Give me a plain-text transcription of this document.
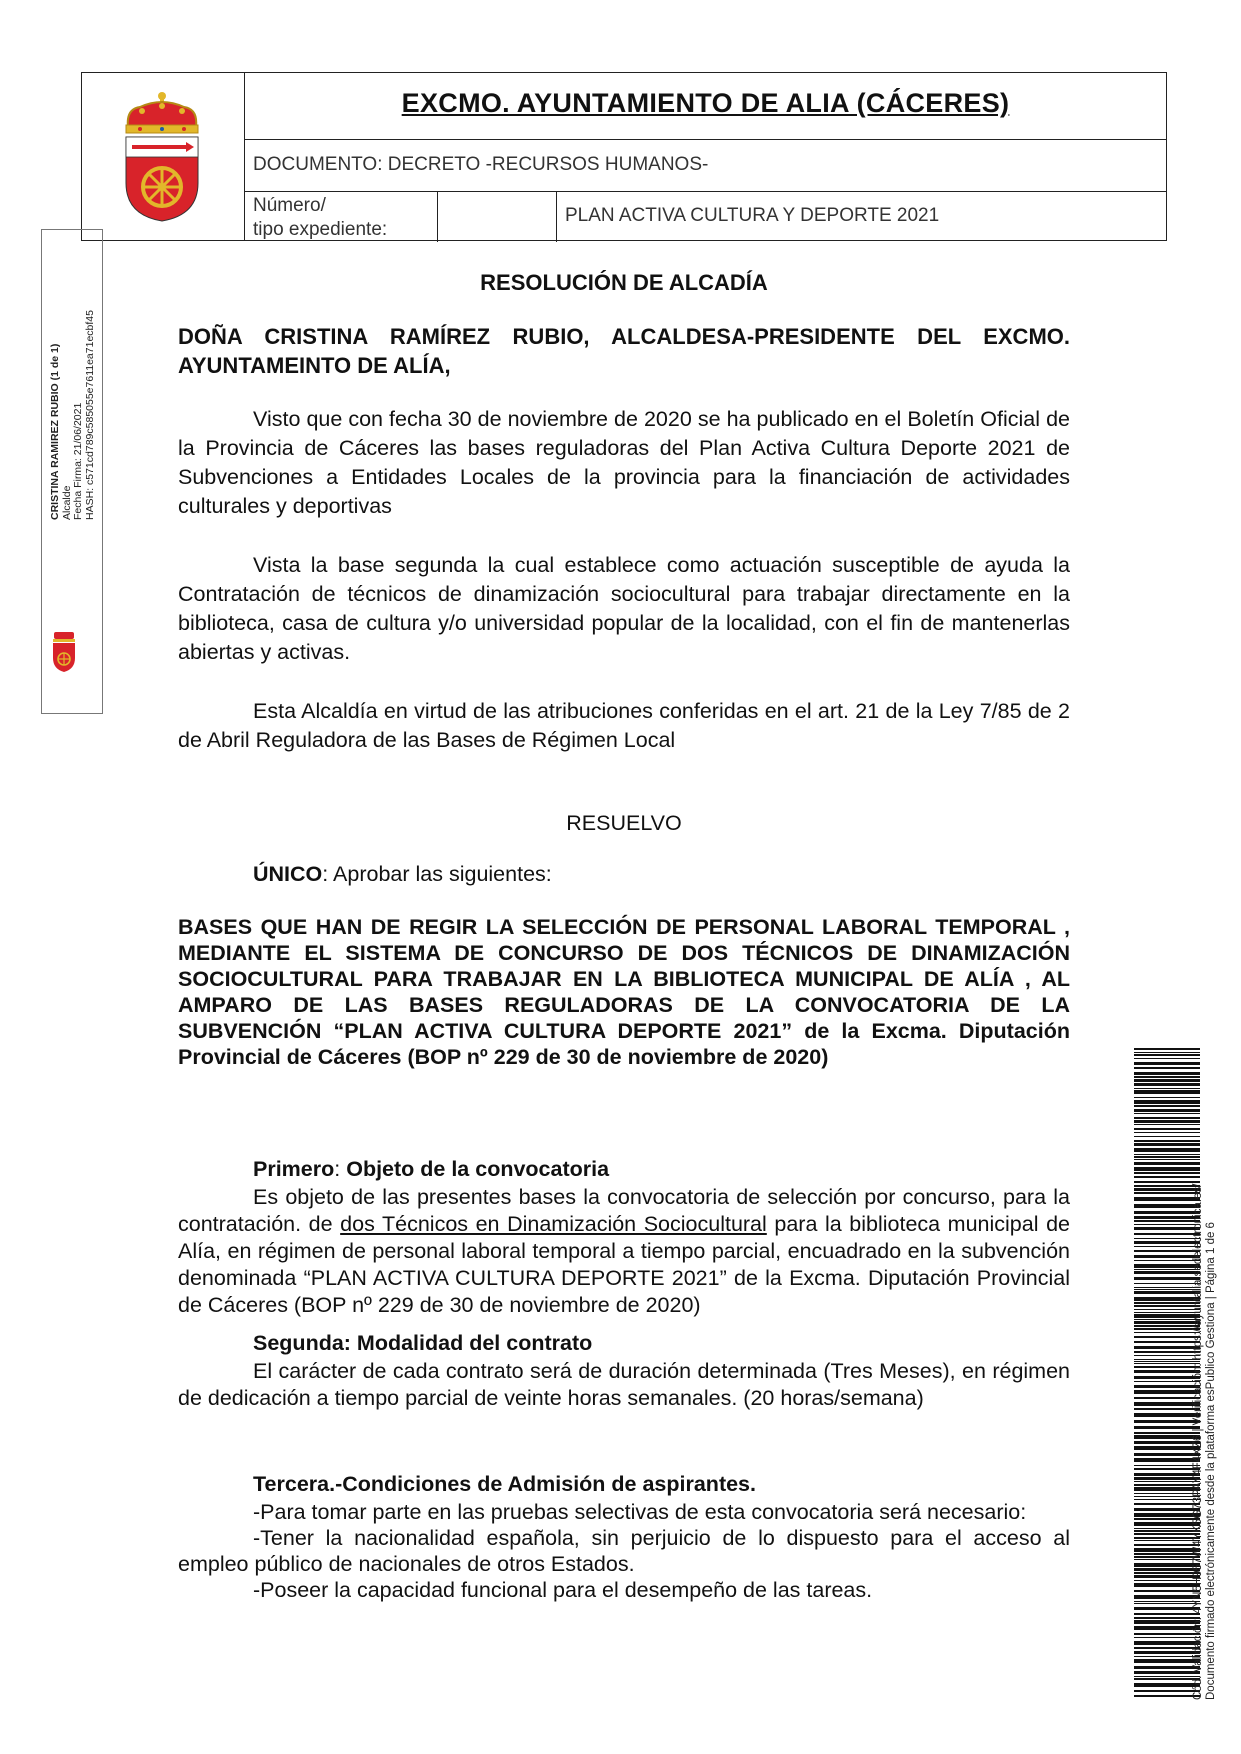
EXCMO. AYUNTAMIENTO DE ALIA (CÁCERES)
DOCUMENTO: DECRETO -RECURSOS HUMANOS-
Número/
tipo expediente:
PLAN ACTIVA CULTURA Y DEPORTE 2021
CRISTINA RAMIREZ RUBIO (1 de 1) Alcalde Fecha Firma: 21/06/2021 HASH: c571cd789c585055e7611ea71ecbf45
Cód. Validación: 4YN5H957W4YK5G73PAY4F4XZ6 | Verificación: https://ayuntalia.sedelectronica.es/ Documento firmado electrónicamente desde la plataforma esPublico Gestiona | Página 1 de 6
RESOLUCIÓN DE ALCADÍA
DOÑA CRISTINA RAMÍREZ RUBIO, ALCALDESA-PRESIDENTE DEL EXCMO. AYUNTAMEINTO DE ALÍA,
Visto que con fecha 30 de noviembre de 2020 se ha publicado en el Boletín Oficial de la Provincia de Cáceres las bases reguladoras del Plan Activa Cultura Deporte 2021 de Subvenciones a Entidades Locales de la provincia para la financiación de actividades culturales y deportivas
Vista la base segunda la cual establece como actuación susceptible de ayuda la Contratación de técnicos de dinamización sociocultural para trabajar directamente en la biblioteca, casa de cultura y/o universidad popular de la localidad, con el fin de mantenerlas abiertas y activas.
Esta Alcaldía en virtud de las atribuciones conferidas en el art. 21 de la Ley 7/85 de 2 de Abril Reguladora de las Bases de Régimen Local
RESUELVO
ÚNICO: Aprobar las siguientes:
BASES QUE HAN DE REGIR LA SELECCIÓN DE PERSONAL LABORAL TEMPORAL , MEDIANTE EL SISTEMA DE CONCURSO DE DOS TÉCNICOS DE DINAMIZACIÓN SOCIOCULTURAL PARA TRABAJAR EN LA BIBLIOTECA MUNICIPAL DE ALÍA , AL AMPARO DE LAS BASES REGULADORAS DE LA CONVOCATORIA DE LA SUBVENCIÓN “PLAN ACTIVA CULTURA DEPORTE 2021” de la Excma. Diputación Provincial de Cáceres (BOP nº 229 de 30 de noviembre de 2020)
Primero: Objeto de la convocatoria
Es objeto de las presentes bases la convocatoria de selección por concurso, para la contratación. de dos Técnicos en Dinamización Sociocultural para la biblioteca municipal de Alía, en régimen de personal laboral temporal a tiempo parcial, encuadrado en la subvención denominada “PLAN ACTIVA CULTURA DEPORTE 2021” de la Excma. Diputación Provincial de Cáceres (BOP nº 229 de 30 de noviembre de 2020)
Segunda: Modalidad del contrato
El carácter de cada contrato será de duración determinada (Tres Meses), en régimen de dedicación a tiempo parcial de veinte horas semanales. (20 horas/semana)
Tercera.-Condiciones de Admisión de aspirantes.
-Para tomar parte en las pruebas selectivas de esta convocatoria será necesario:
-Tener la nacionalidad española, sin perjuicio de lo dispuesto para el acceso al empleo público de nacionales de otros Estados.
-Poseer la capacidad funcional para el desempeño de las tareas.
